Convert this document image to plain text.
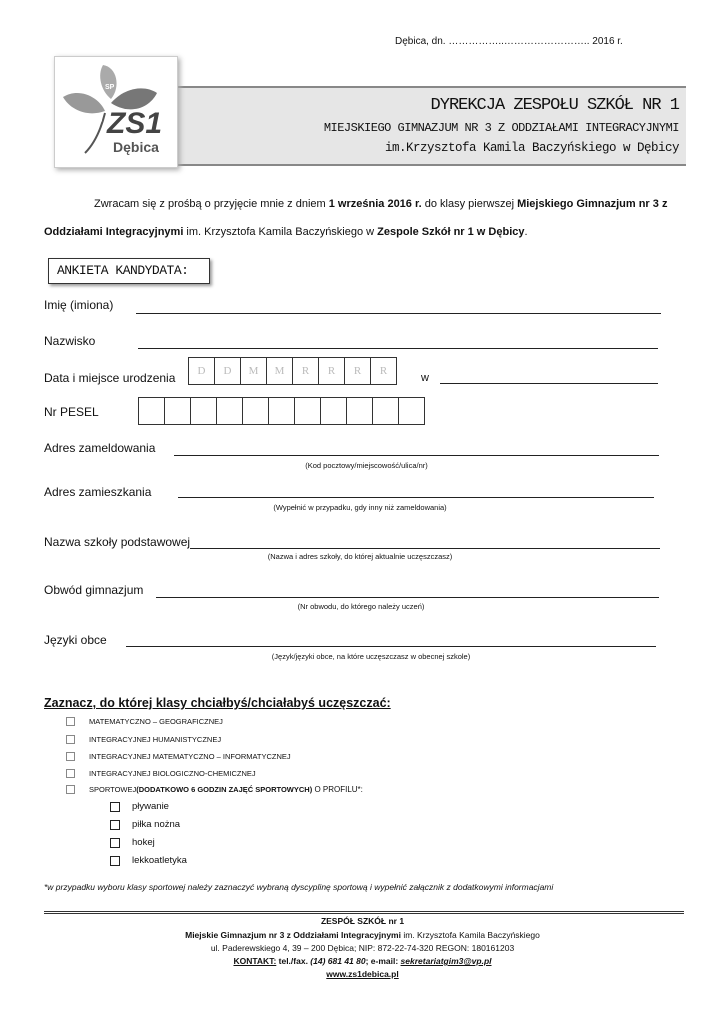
Dębica, dn. ……………..…………………….. 2016 r.
SP 5
MG 3 ZS1
Dębica
DYREKCJA ZESPOŁU SZKÓŁ NR 1
MIEJSKIEGO GIMNAZJUM NR 3 Z ODDZIAŁAMI INTEGRACYJNYMI
im.Krzysztofa Kamila Baczyńskiego w Dębicy
Zwracam się z prośbą o przyjęcie mnie z dniem 1 września 2016 r. do klasy pierwszej Miejskiego Gimnazjum nr 3 z Oddziałami Integracyjnymi im. Krzysztofa Kamila Baczyńskiego w Zespole Szkół nr 1 w Dębicy.
ANKIETA KANDYDATA:
Imię (imiona)
Nazwisko
Data i miejsce urodzenia	D	D	M	M	R	R	R	R
w
Nr PESEL
Adres zameldowania
(Kod pocztowy/miejscowość/ulica/nr)
Adres zamieszkania
(Wypełnić w przypadku, gdy inny niż zameldowania)
Nazwa szkoły podstawowej
(Nazwa i adres szkoły, do której aktualnie uczęszczasz)
Obwód gimnazjum
(Nr obwodu, do którego należy uczeń)
Języki obce
(Język/języki obce, na które uczęszczasz w obecnej szkole)
Zaznacz, do której klasy chciałbyś/chciałabyś uczęszczać:
MATEMATYCZNO – GEOGRAFICZNEJ
INTEGRACYJNEJ HUMANISTYCZNEJ
INTEGRACYJNEJ MATEMATYCZNO – INFORMATYCZNEJ
INTEGRACYJNEJ BIOLOGICZNO-CHEMICZNEJ
SPORTOWEJ (DODATKOWO 6 GODZIN ZAJĘĆ SPORTOWYCH) O PROFILU*:
pływanie
piłka nożna
hokej
lekkoatletyka
*w przypadku wyboru klasy sportowej należy zaznaczyć wybraną dyscyplinę sportową i wypełnić załącznik z dodatkowymi informacjami
ZESPÓŁ SZKÓŁ nr 1
Miejskie Gimnazjum nr 3 z Oddziałami Integracyjnymi im. Krzysztofa Kamila Baczyńskiego
ul. Paderewskiego 4, 39 – 200 Dębica; NIP: 872-22-74-320 REGON: 180161203
KONTAKT: tel./fax. (14) 681 41 80; e-mail: sekretariatgim3@vp.pl
www.zs1debica.pl
